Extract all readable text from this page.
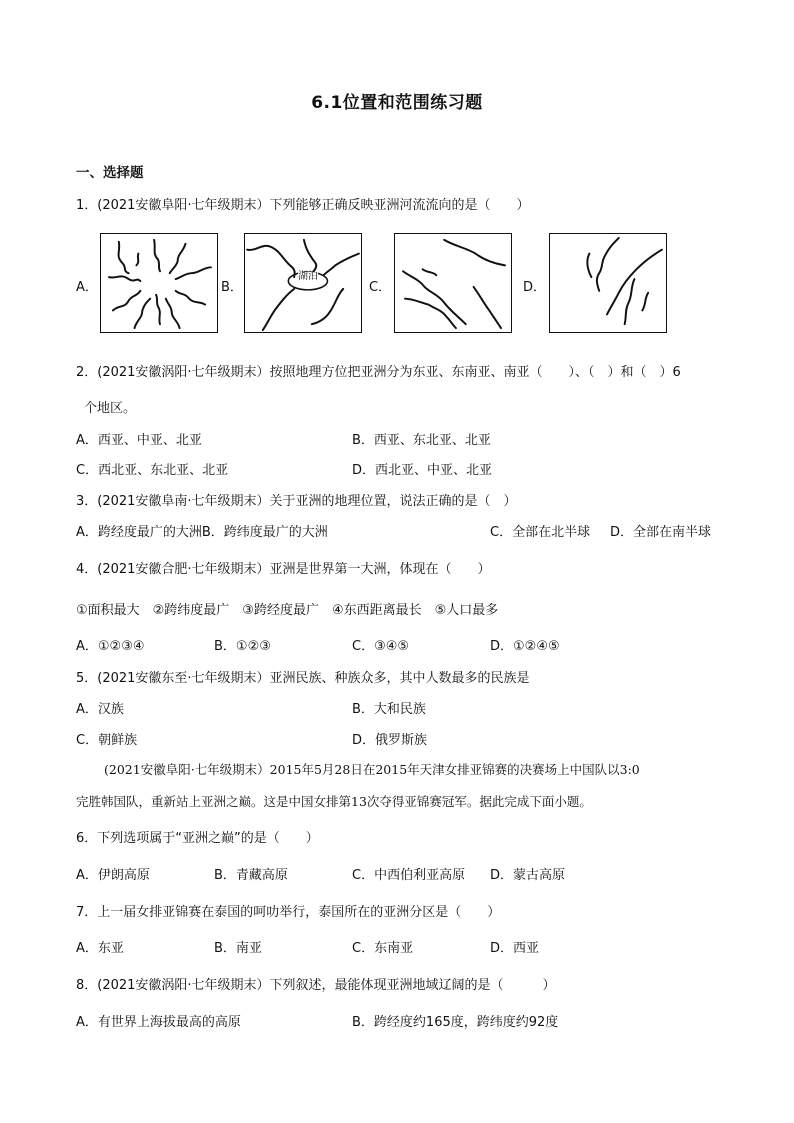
6.1位置和范围练习题
一、选择题
1．(2021安徽阜阳·七年级期末）下列能够正确反映亚洲河流流向的是（　　）
A．	B．
湖泊
C．	D．
2．(2021安徽涡阳·七年级期末）按照地理方位把亚洲分为东亚、东南亚、南亚（　　）、（　）和（　）6
个地区。
A．西亚、中亚、北亚	B．西亚、东北亚、北亚
C．西北亚、东北亚、北亚	D．西北亚、中亚、北亚
3．(2021安徽阜南·七年级期末）关于亚洲的地理位置，说法正确的是（　）
A．跨经度最广的大洲B．跨纬度最广的大洲	C．全部在北半球 D．全部在南半球
4．(2021安徽合肥·七年级期末）亚洲是世界第一大洲，体现在（　　）
①面积最大　②跨纬度最广　③跨经度最广　④东西距离最长　⑤人口最多
A．①②③④	B．①②③	C．③④⑤	D．①②④⑤
5．(2021安徽东至·七年级期末）亚洲民族、种族众多，其中人数最多的民族是
A．汉族	B．大和民族
C．朝鲜族	D．俄罗斯族
(2021安徽阜阳·七年级期末）2015年5月28日在2015年天津女排亚锦赛的决赛场上中国队以3:0
完胜韩国队，重新站上亚洲之巅。这是中国女排第13次夺得亚锦赛冠军。据此完成下面小题。
6．下列选项属于“亚洲之巅”的是（　　）
A．伊朗高原	B．青藏高原	C．中西伯利亚高原 D．蒙古高原
7．上一届女排亚锦赛在泰国的呵叻举行，泰国所在的亚洲分区是（　　）
A．东亚	B．南亚	C．东南亚	D．西亚
8．(2021安徽涡阳·七年级期末）下列叙述，最能体现亚洲地域辽阔的是（　　　）
A．有世界上海拔最高的高原	B．跨经度约165度，跨纬度约92度
